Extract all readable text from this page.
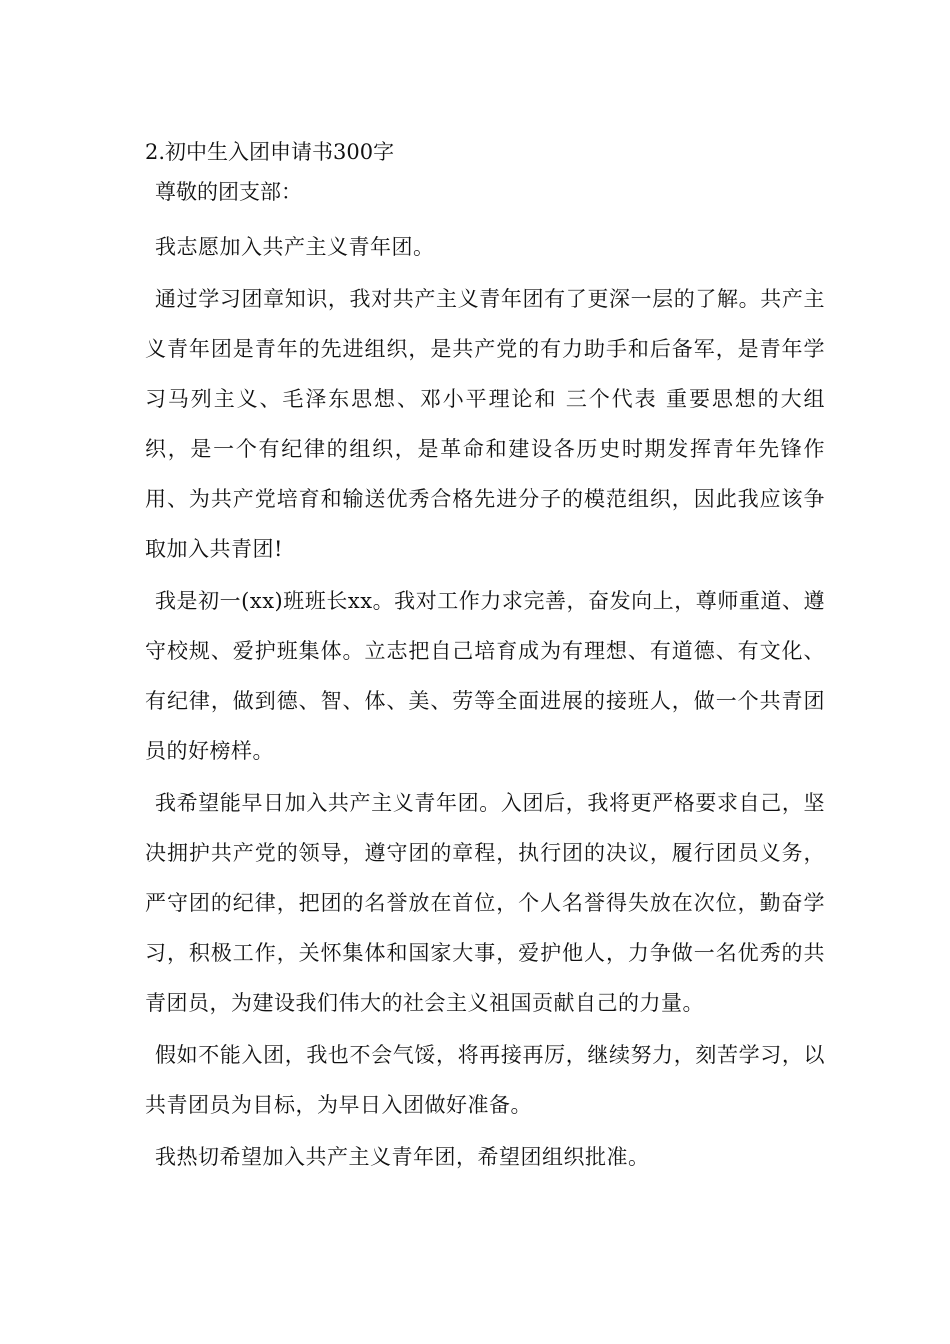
2.初中生入团申请书300字
尊敬的团支部：

我志愿加入共产主义青年团。

通过学习团章知识，我对共产主义青年团有了更深一层的了解。共产主义青年团是青年的先进组织，是共产党的有力助手和后备军，是青年学习马列主义、毛泽东思想、邓小平理论和 三个代表 重要思想的大组织，是一个有纪律的组织，是革命和建设各历史时期发挥青年先锋作用、为共产党培育和输送优秀合格先进分子的模范组织，因此我应该争取加入共青团!

我是初一(xx)班班长xx。我对工作力求完善，奋发向上，尊师重道、遵守校规、爱护班集体。立志把自己培育成为有理想、有道德、有文化、有纪律，做到德、智、体、美、劳等全面进展的接班人，做一个共青团员的好榜样。

我希望能早日加入共产主义青年团。入团后，我将更严格要求自己，坚决拥护共产党的领导，遵守团的章程，执行团的决议，履行团员义务，严守团的纪律，把团的名誉放在首位，个人名誉得失放在次位，勤奋学习，积极工作，关怀集体和国家大事，爱护他人，力争做一名优秀的共青团员，为建设我们伟大的社会主义祖国贡献自己的力量。

假如不能入团，我也不会气馁，将再接再厉，继续努力，刻苦学习，以共青团员为目标，为早日入团做好准备。

我热切希望加入共产主义青年团，希望团组织批准。
